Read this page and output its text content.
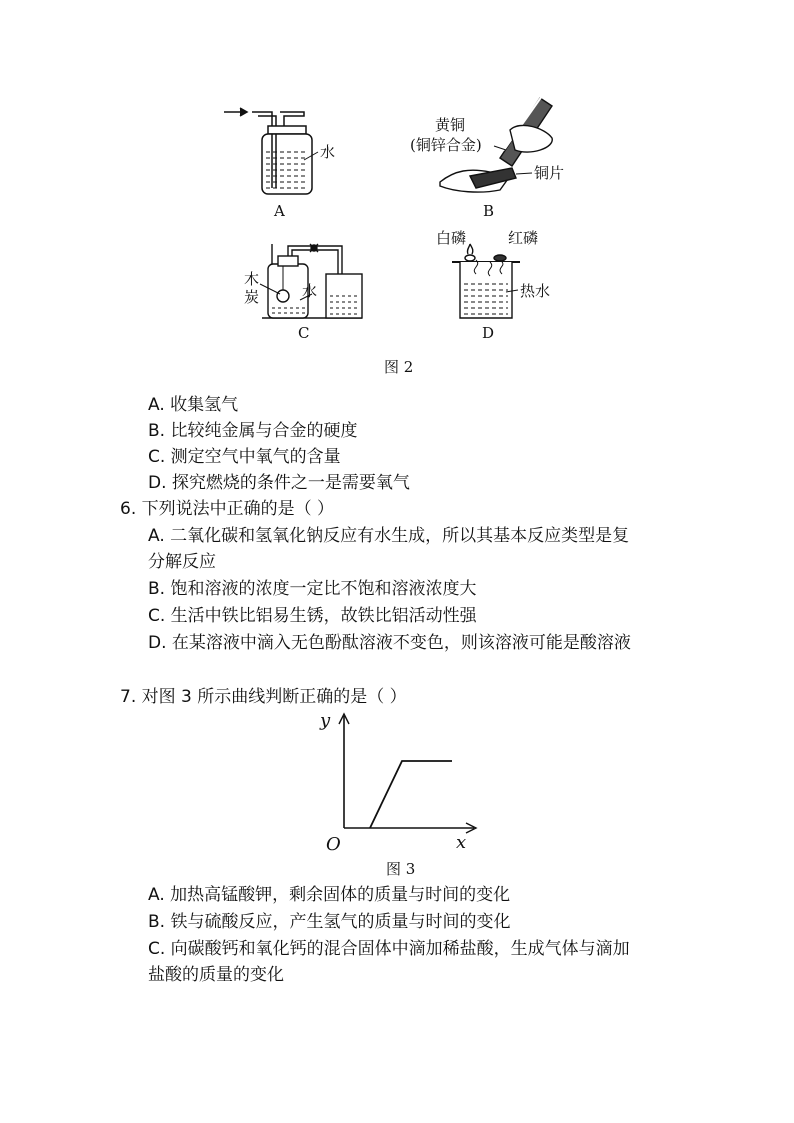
水
A
黄铜
(铜锌合金)
铜片
B
木
炭	水
C
白磷	红磷
热水
D
图 2
A. 收集氢气
B. 比较纯金属与合金的硬度
C. 测定空气中氧气的含量
D. 探究燃烧的条件之一是需要氧气
6. 下列说法中正确的是（ ）
A. 二氧化碳和氢氧化钠反应有水生成，所以其基本反应类型是复
分解反应
B. 饱和溶液的浓度一定比不饱和溶液浓度大
C. 生活中铁比铝易生锈，故铁比铝活动性强
D. 在某溶液中滴入无色酚酞溶液不变色，则该溶液可能是酸溶液
7. 对图 3 所示曲线判断正确的是（ ）
y
O	x
图 3
A. 加热高锰酸钾，剩余固体的质量与时间的变化
B. 铁与硫酸反应，产生氢气的质量与时间的变化
C. 向碳酸钙和氧化钙的混合固体中滴加稀盐酸，生成气体与滴加
盐酸的质量的变化
